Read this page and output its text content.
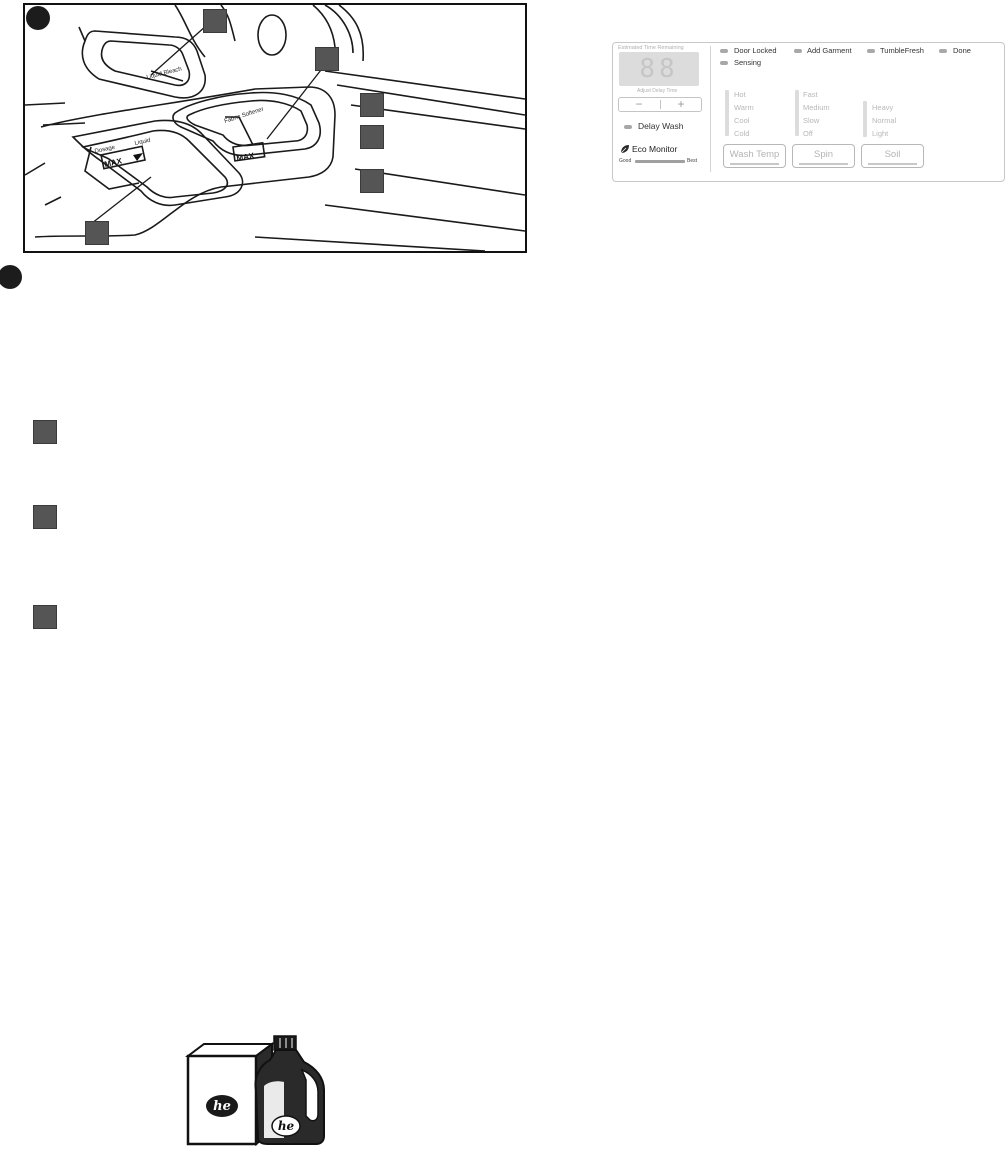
Liquid Bleach
Fabric Softener
MAX
Dosage
Liquid
MAX
Estimated Time Remaining
88
Adjust Delay Time
−	+
Delay Wash
Eco Monitor
Good	Best
Door Locked	Add Garment	TumbleFresh	Done
Sensing
Hot
Warm
Cool
Cold
Wash Temp
Fast
Medium
Slow
Off
Spin
Heavy
Normal
Light
Soil
he
he
